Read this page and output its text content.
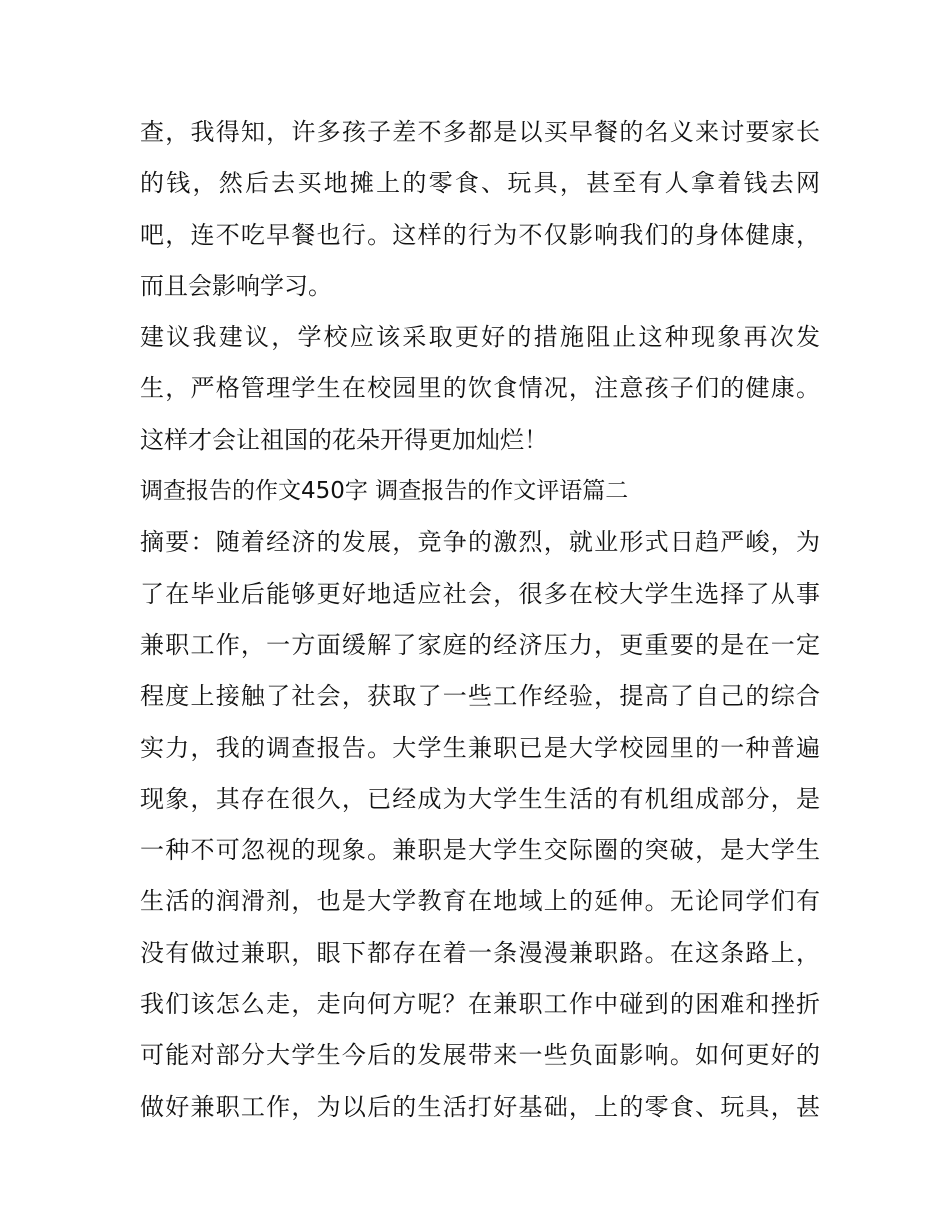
查，我得知，许多孩子差不多都是以买早餐的名义来讨要家长
的钱，然后去买地摊上的零食、玩具，甚至有人拿着钱去网
吧，连不吃早餐也行。这样的行为不仅影响我们的身体健康，
而且会影响学习。
建议我建议，学校应该采取更好的措施阻止这种现象再次发
生，严格管理学生在校园里的饮食情况，注意孩子们的健康。
这样才会让祖国的花朵开得更加灿烂！
调查报告的作文450字 调查报告的作文评语篇二
摘要：随着经济的发展，竞争的激烈，就业形式日趋严峻，为
了在毕业后能够更好地适应社会，很多在校大学生选择了从事
兼职工作，一方面缓解了家庭的经济压力，更重要的是在一定
程度上接触了社会，获取了一些工作经验，提高了自己的综合
实力，我的调查报告。大学生兼职已是大学校园里的一种普遍
现象，其存在很久，已经成为大学生生活的有机组成部分，是
一种不可忽视的现象。兼职是大学生交际圈的突破，是大学生
生活的润滑剂，也是大学教育在地域上的延伸。无论同学们有
没有做过兼职，眼下都存在着一条漫漫兼职路。在这条路上，
我们该怎么走，走向何方呢？在兼职工作中碰到的困难和挫折
可能对部分大学生今后的发展带来一些负面影响。如何更好的
做好兼职工作，为以后的生活打好基础，上的零食、玩具，甚
